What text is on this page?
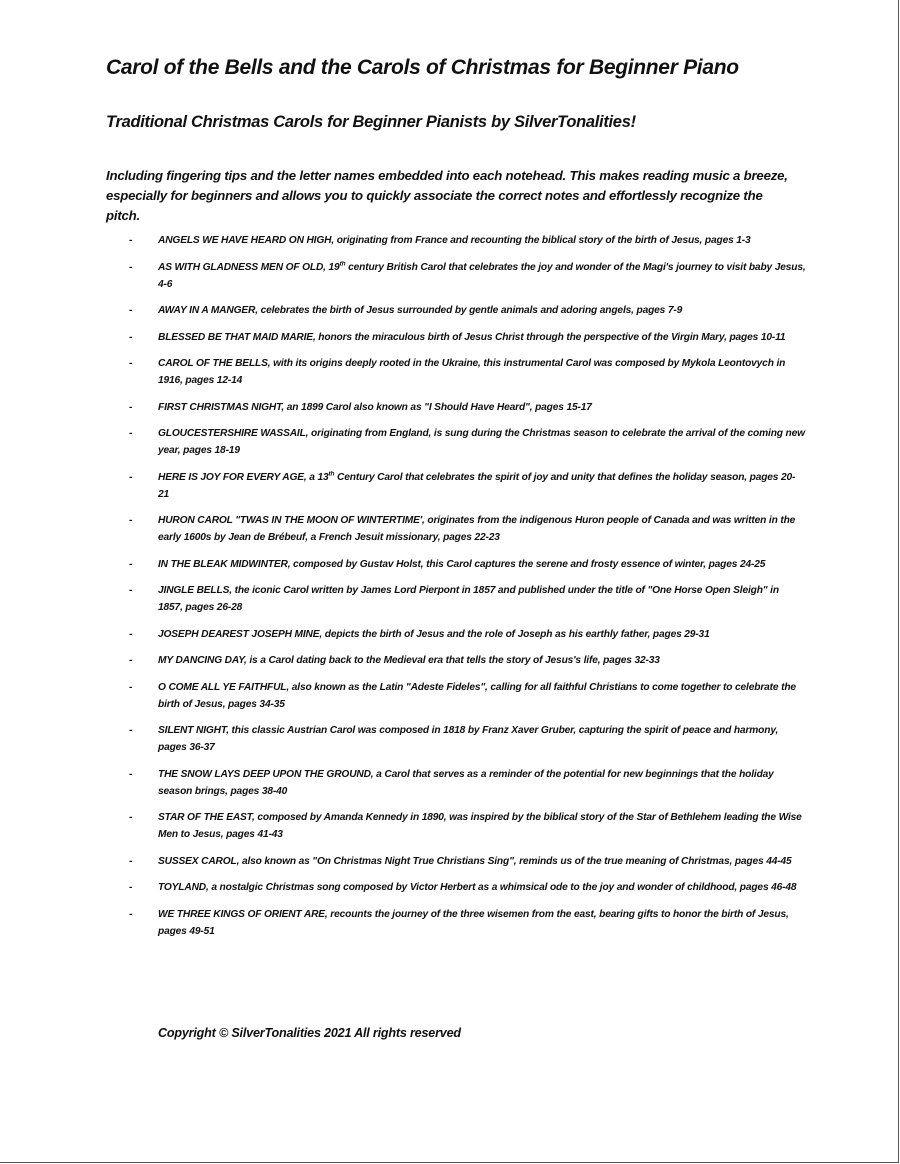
Carol of the Bells and the Carols of Christmas for Beginner Piano
Traditional Christmas Carols for Beginner Pianists by SilverTonalities!

Including fingering tips and the letter names embedded into each notehead. This makes reading music a breeze, especially for beginners and allows you to quickly associate the correct notes and effortlessly recognize the pitch.

-	ANGELS WE HAVE HEARD ON HIGH, originating from France and recounting the biblical story of the birth of Jesus, pages 1-3
-	AS WITH GLADNESS MEN OF OLD, 19th century British Carol that celebrates the joy and wonder of the Magi's journey to visit baby Jesus, 4-6
-	AWAY IN A MANGER, celebrates the birth of Jesus surrounded by gentle animals and adoring angels, pages 7-9
-	BLESSED BE THAT MAID MARIE, honors the miraculous birth of Jesus Christ through the perspective of the Virgin Mary, pages 10-11
-	CAROL OF THE BELLS, with its origins deeply rooted in the Ukraine, this instrumental Carol was composed by Mykola Leontovych in 1916, pages 12-14
-	FIRST CHRISTMAS NIGHT, an 1899 Carol also known as "I Should Have Heard", pages 15-17
-	GLOUCESTERSHIRE WASSAIL, originating from England, is sung during the Christmas season to celebrate the arrival of the coming new year, pages 18-19
-	HERE IS JOY FOR EVERY AGE, a 13th Century Carol that celebrates the spirit of joy and unity that defines the holiday season, pages 20-21
-	HURON CAROL "TWAS IN THE MOON OF WINTERTIME', originates from the indigenous Huron people of Canada and was written in the early 1600s by Jean de Brébeuf, a French Jesuit missionary, pages 22-23
-	IN THE BLEAK MIDWINTER, composed by Gustav Holst, this Carol captures the serene and frosty essence of winter, pages 24-25
-	JINGLE BELLS, the iconic Carol written by James Lord Pierpont in 1857 and published under the title of "One Horse Open Sleigh" in 1857, pages 26-28
-	JOSEPH DEAREST JOSEPH MINE, depicts the birth of Jesus and the role of Joseph as his earthly father, pages 29-31
-	MY DANCING DAY, is a Carol dating back to the Medieval era that tells the story of Jesus's life, pages 32-33
-	O COME ALL YE FAITHFUL, also known as the Latin "Adeste Fideles", calling for all faithful Christians to come together to celebrate the birth of Jesus, pages 34-35
-	SILENT NIGHT, this classic Austrian Carol was composed in 1818 by Franz Xaver Gruber, capturing the spirit of peace and harmony, pages 36-37
-	THE SNOW LAYS DEEP UPON THE GROUND, a Carol that serves as a reminder of the potential for new beginnings that the holiday season brings, pages 38-40
-	STAR OF THE EAST, composed by Amanda Kennedy in 1890, was inspired by the biblical story of the Star of Bethlehem leading the Wise Men to Jesus, pages 41-43
-	SUSSEX CAROL, also known as "On Christmas Night True Christians Sing", reminds us of the true meaning of Christmas, pages 44-45
-	TOYLAND, a nostalgic Christmas song composed by Victor Herbert as a whimsical ode to the joy and wonder of childhood, pages 46-48
-	WE THREE KINGS OF ORIENT ARE, recounts the journey of the three wisemen from the east, bearing gifts to honor the birth of Jesus, pages 49-51
Copyright © SilverTonalities 2021 All rights reserved
